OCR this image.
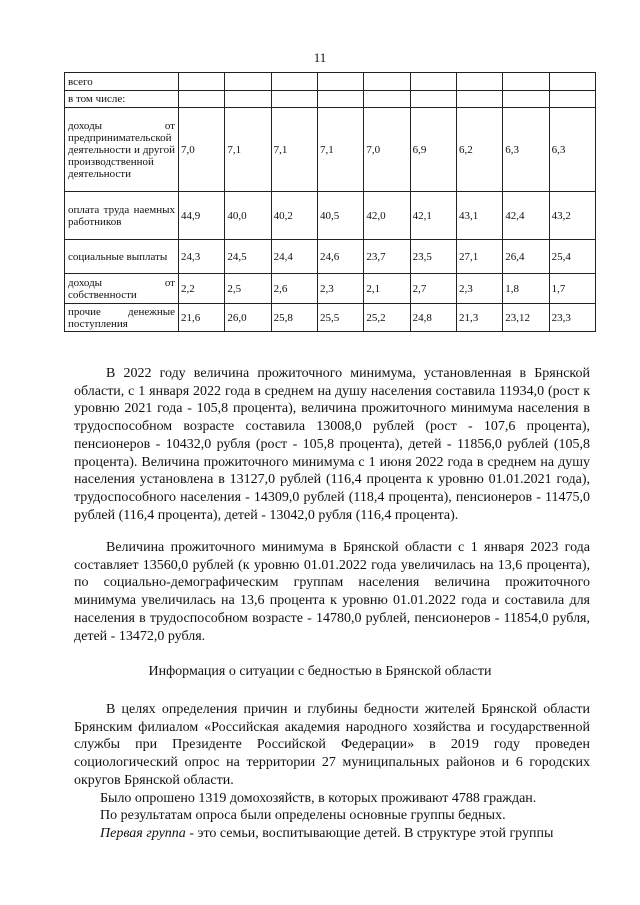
11
всего									
в том числе:									
доходы от предпринимательской деятельности и другой производственной деятельности	7,0	7,1	7,1	7,1	7,0	6,9	6,2	6,3	6,3
оплата труда наемных работников	44,9	40,0	40,2	40,5	42,0	42,1	43,1	42,4	43,2
социальные выплаты	24,3	24,5	24,4	24,6	23,7	23,5	27,1	26,4	25,4
доходы от собственности	2,2	2,5	2,6	2,3	2,1	2,7	2,3	1,8	1,7
прочие денежные поступления	21,6	26,0	25,8	25,5	25,2	24,8	21,3	23,12	23,3

В 2022 году величина прожиточного минимума, установленная в Брянской области, с 1 января 2022 года в среднем на душу населения составила 11934,0 (рост к уровню 2021 года - 105,8 процента), величина прожиточного минимума населения в трудоспособном возрасте составила 13008,0 рублей (рост - 107,6 процента), пенсионеров - 10432,0 рубля (рост - 105,8 процента), детей - 11856,0 рублей (105,8 процента). Величина прожиточного минимума с 1 июня 2022 года в среднем на душу населения установлена в 13127,0 рублей (116,4 процента к уровню 01.01.2021 года), трудоспособного населения - 14309,0 рублей (118,4 процента), пенсионеров - 11475,0 рублей (116,4 процента), детей - 13042,0 рубля (116,4 процента).

Величина прожиточного минимума в Брянской области с 1 января 2023 года составляет 13560,0 рублей (к уровню 01.01.2022 года увеличилась на 13,6 процента), по социально-демографическим группам населения величина прожиточного минимума увеличилась на 13,6 процента к уровню 01.01.2022 года и составила для населения в трудоспособном возрасте - 14780,0 рублей, пенсионеров - 11854,0 рубля, детей - 13472,0 рубля.

Информация о ситуации с бедностью в Брянской области

В целях определения причин и глубины бедности жителей Брянской области Брянским филиалом «Российская академия народного хозяйства и государственной службы при Президенте Российской Федерации» в 2019 году проведен социологический опрос на территории 27 муниципальных районов и 6 городских округов Брянской области.

Было опрошено 1319 домохозяйств, в которых проживают 4788 граждан.

По результатам опроса были определены основные группы бедных.

Первая группа - это семьи, воспитывающие детей. В структуре этой группы
